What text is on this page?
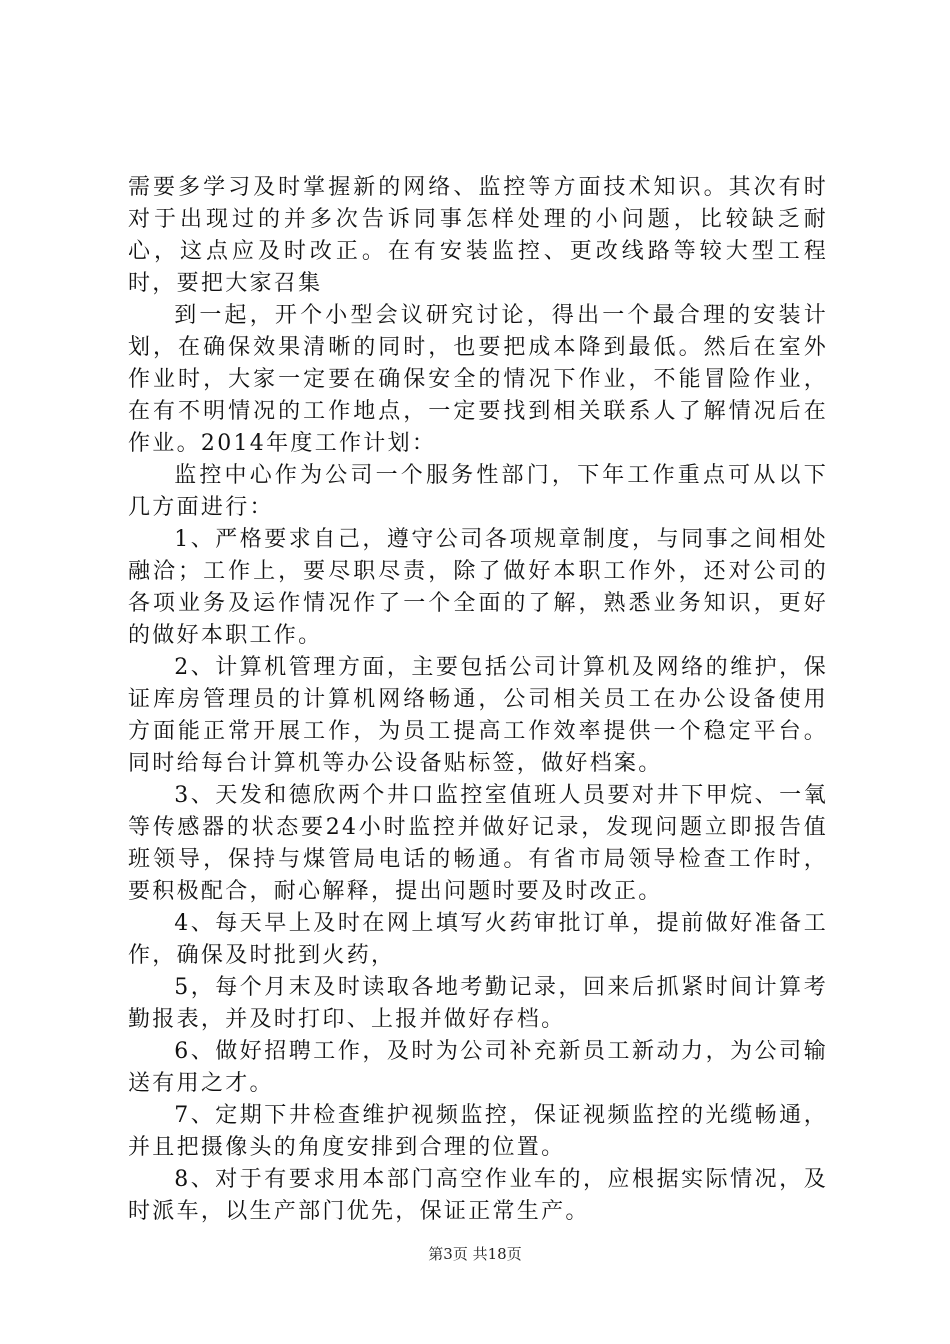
需要多学习及时掌握新的网络、监控等方面技术知识。其次有时对于出现过的并多次告诉同事怎样处理的小问题，比较缺乏耐心，这点应及时改正。在有安装监控、更改线路等较大型工程时，要把大家召集

到一起，开个小型会议研究讨论，得出一个最合理的安装计划，在确保效果清晰的同时，也要把成本降到最低。然后在室外作业时，大家一定要在确保安全的情况下作业，不能冒险作业，在有不明情况的工作地点，一定要找到相关联系人了解情况后在作业。2014年度工作计划：

监控中心作为公司一个服务性部门，下年工作重点可从以下几方面进行：

1、严格要求自己，遵守公司各项规章制度，与同事之间相处融洽；工作上，要尽职尽责，除了做好本职工作外，还对公司的各项业务及运作情况作了一个全面的了解，熟悉业务知识，更好的做好本职工作。

2、计算机管理方面，主要包括公司计算机及网络的维护，保证库房管理员的计算机网络畅通，公司相关员工在办公设备使用方面能正常开展工作，为员工提高工作效率提供一个稳定平台。同时给每台计算机等办公设备贴标签，做好档案。

3、天发和德欣两个井口监控室值班人员要对井下甲烷、一氧等传感器的状态要24小时监控并做好记录，发现问题立即报告值班领导，保持与煤管局电话的畅通。有省市局领导检查工作时，要积极配合，耐心解释，提出问题时要及时改正。

4、每天早上及时在网上填写火药审批订单，提前做好准备工作，确保及时批到火药，

5，每个月末及时读取各地考勤记录，回来后抓紧时间计算考勤报表，并及时打印、上报并做好存档。

6、做好招聘工作，及时为公司补充新员工新动力，为公司输送有用之才。

7、定期下井检查维护视频监控，保证视频监控的光缆畅通，并且把摄像头的角度安排到合理的位置。

8、对于有要求用本部门高空作业车的，应根据实际情况，及时派车，以生产部门优先，保证正常生产。

第3页 共18页
